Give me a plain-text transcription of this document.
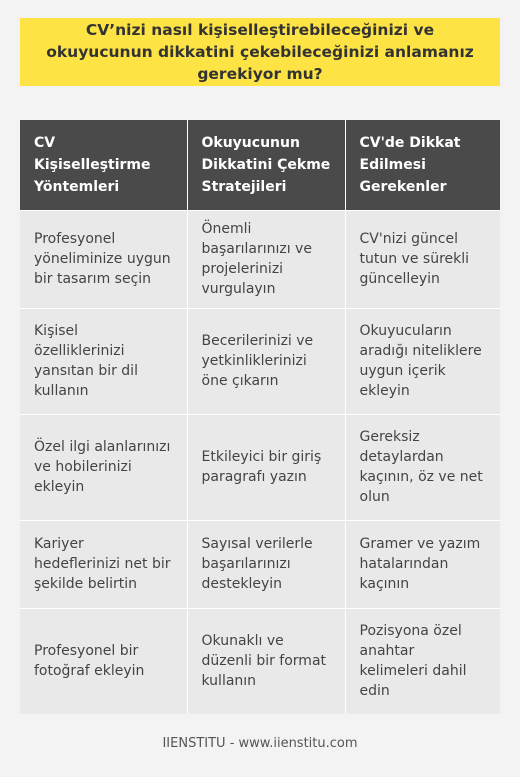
CV’nizi nasıl kişiselleştirebileceğinizi ve okuyucunun dikkatini çekebileceğinizi anlamanız gerekiyor mu?
CV Kişiselleştirme Yöntemleri	Okuyucunun Dikkatini Çekme Stratejileri	CV'de Dikkat Edilmesi Gerekenler
Profesyonel yöneliminize uygun bir tasarım seçin	Önemli başarılarınızı ve projelerinizi vurgulayın	CV'nizi güncel tutun ve sürekli güncelleyin
Kişisel özelliklerinizi yansıtan bir dil kullanın	Becerilerinizi ve yetkinliklerinizi öne çıkarın	Okuyucuların aradığı niteliklere uygun içerik ekleyin
Özel ilgi alanlarınızı ve hobilerinizi ekleyin	Etkileyici bir giriş paragrafı yazın	Gereksiz detaylardan kaçının, öz ve net olun
Kariyer hedeflerinizi net bir şekilde belirtin	Sayısal verilerle başarılarınızı destekleyin	Gramer ve yazım hatalarından kaçının
Profesyonel bir fotoğraf ekleyin	Okunaklı ve düzenli bir format kullanın	Pozisyona özel anahtar kelimeleri dahil edin
IIENSTITU - www.iienstitu.com
